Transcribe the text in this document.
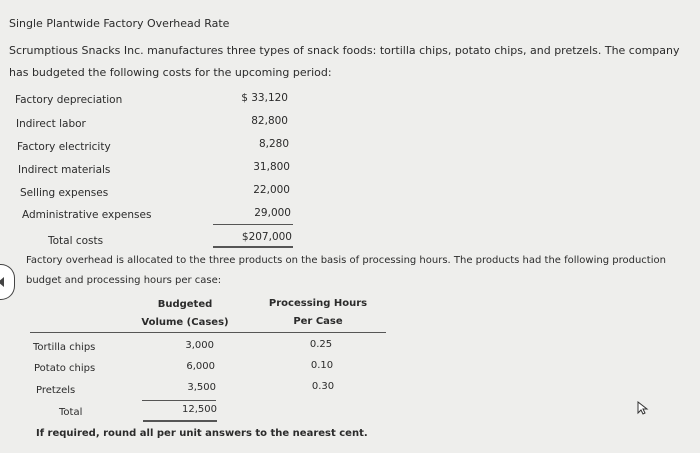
Single Plantwide Factory Overhead Rate
Scrumptious Snacks Inc. manufactures three types of snack foods: tortilla chips, potato chips, and pretzels. The company has budgeted the following costs for the upcoming period:
Factory depreciation	$ 33,120
Indirect labor	82,800
Factory electricity	8,280
Indirect materials	31,800
Selling expenses	22,000
Administrative expenses	29,000
Total costs	$207,000
Factory overhead is allocated to the three products on the basis of processing hours. The products had the following production budget and processing hours per case:
Budgeted
Volume (Cases)
Processing Hours
Per Case
Tortilla chips	3,000	0.25
Potato chips	6,000	0.10
Pretzels	3,500	0.30
Total	12,500
If required, round all per unit answers to the nearest cent.
